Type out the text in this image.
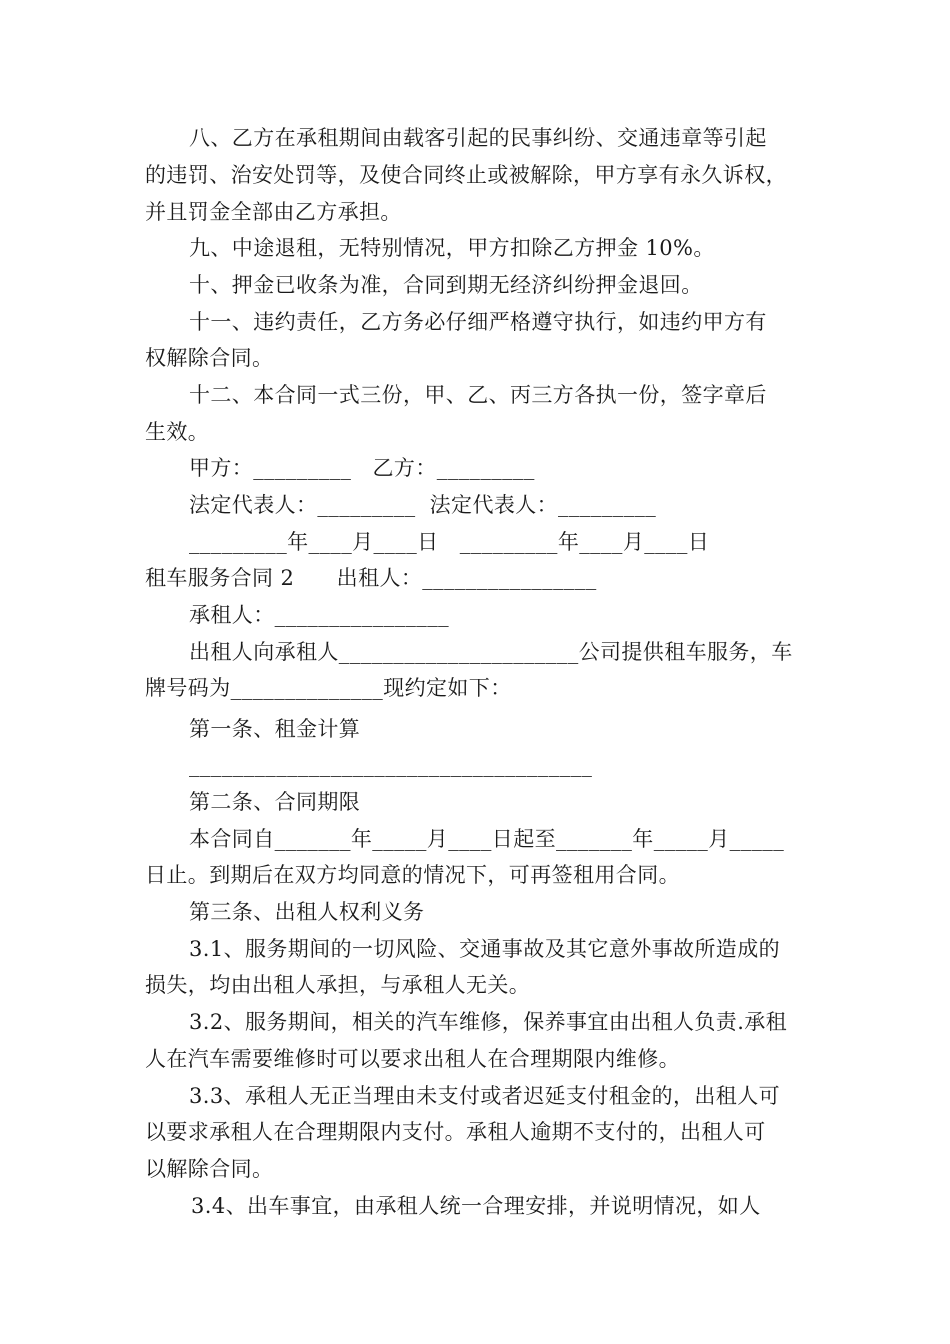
八、乙方在承租期间由载客引起的民事纠纷、交通违章等引起

的违罚、治安处罚等，及使合同终止或被解除，甲方享有永久诉权，

并且罚金全部由乙方承担。

九、中途退租，无特别情况，甲方扣除乙方押金 10%。

十、押金已收条为准，合同到期无经济纠纷押金退回。

十一、违约责任，乙方务必仔细严格遵守执行，如违约甲方有

权解除合同。

十二、本合同一式三份，甲、乙、丙三方各执一份，签字章后

生效。

甲方：_________   乙方：_________

法定代表人：_________  法定代表人：_________

_________年____月____日   _________年____月____日

租车服务合同 2      出租人：________________

承租人：________________

出租人向承租人______________________公司提供租车服务，车

牌号码为______________现约定如下：

第一条、租金计算

_____________________________________

第二条、合同期限

本合同自_______年_____月____日起至_______年_____月_____

日止。到期后在双方均同意的情况下，可再签租用合同。

第三条、出租人权利义务

3.1、服务期间的一切风险、交通事故及其它意外事故所造成的

损失，均由出租人承担，与承租人无关。

3.2、服务期间，相关的汽车维修，保养事宜由出租人负责.承租

人在汽车需要维修时可以要求出租人在合理期限内维修。

3.3、承租人无正当理由未支付或者迟延支付租金的，出租人可

以要求承租人在合理期限内支付。承租人逾期不支付的，出租人可

以解除合同。

3.4、出车事宜，由承租人统一合理安排，并说明情况，如人
